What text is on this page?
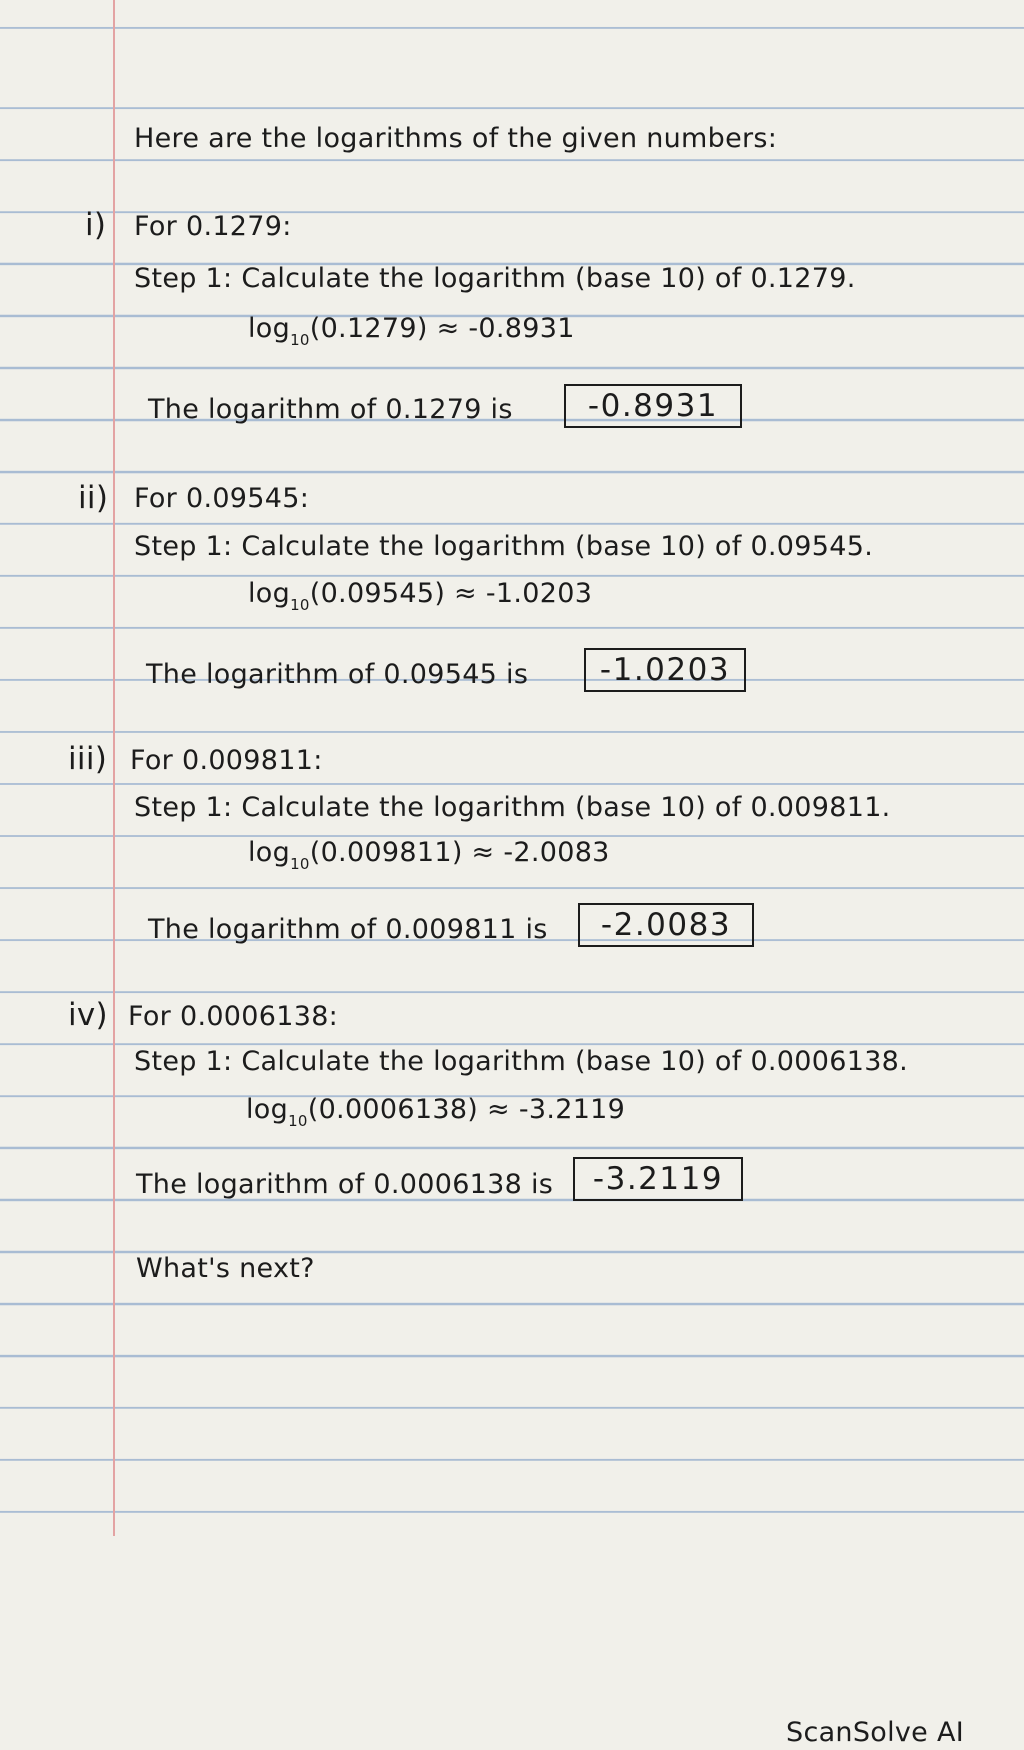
Here are the logarithms of the given numbers:
i) For 0.1279:
Step 1: Calculate the logarithm (base 10) of 0.1279.
$\log_{10}(0.1279) \approx -0.8931$
The logarithm of 0.1279 is	-0.8931
ii) For 0.09545:
Step 1: Calculate the logarithm (base 10) of 0.09545.
$\log_{10}(0.09545) \approx -1.0203$
The logarithm of 0.09545 is	-1.0203
iii) For 0.009811:
Step 1: Calculate the logarithm (base 10) of 0.009811.
$\log_{10}(0.009811) \approx -2.0083$
The logarithm of 0.009811 is	-2.0083
iv) For 0.0006138:
Step 1: Calculate the logarithm (base 10) of 0.0006138.
$\log_{10}(0.0006138) \approx -3.2119$
The logarithm of 0.0006138 is	-3.2119
What's next?
ScanSolve AI
